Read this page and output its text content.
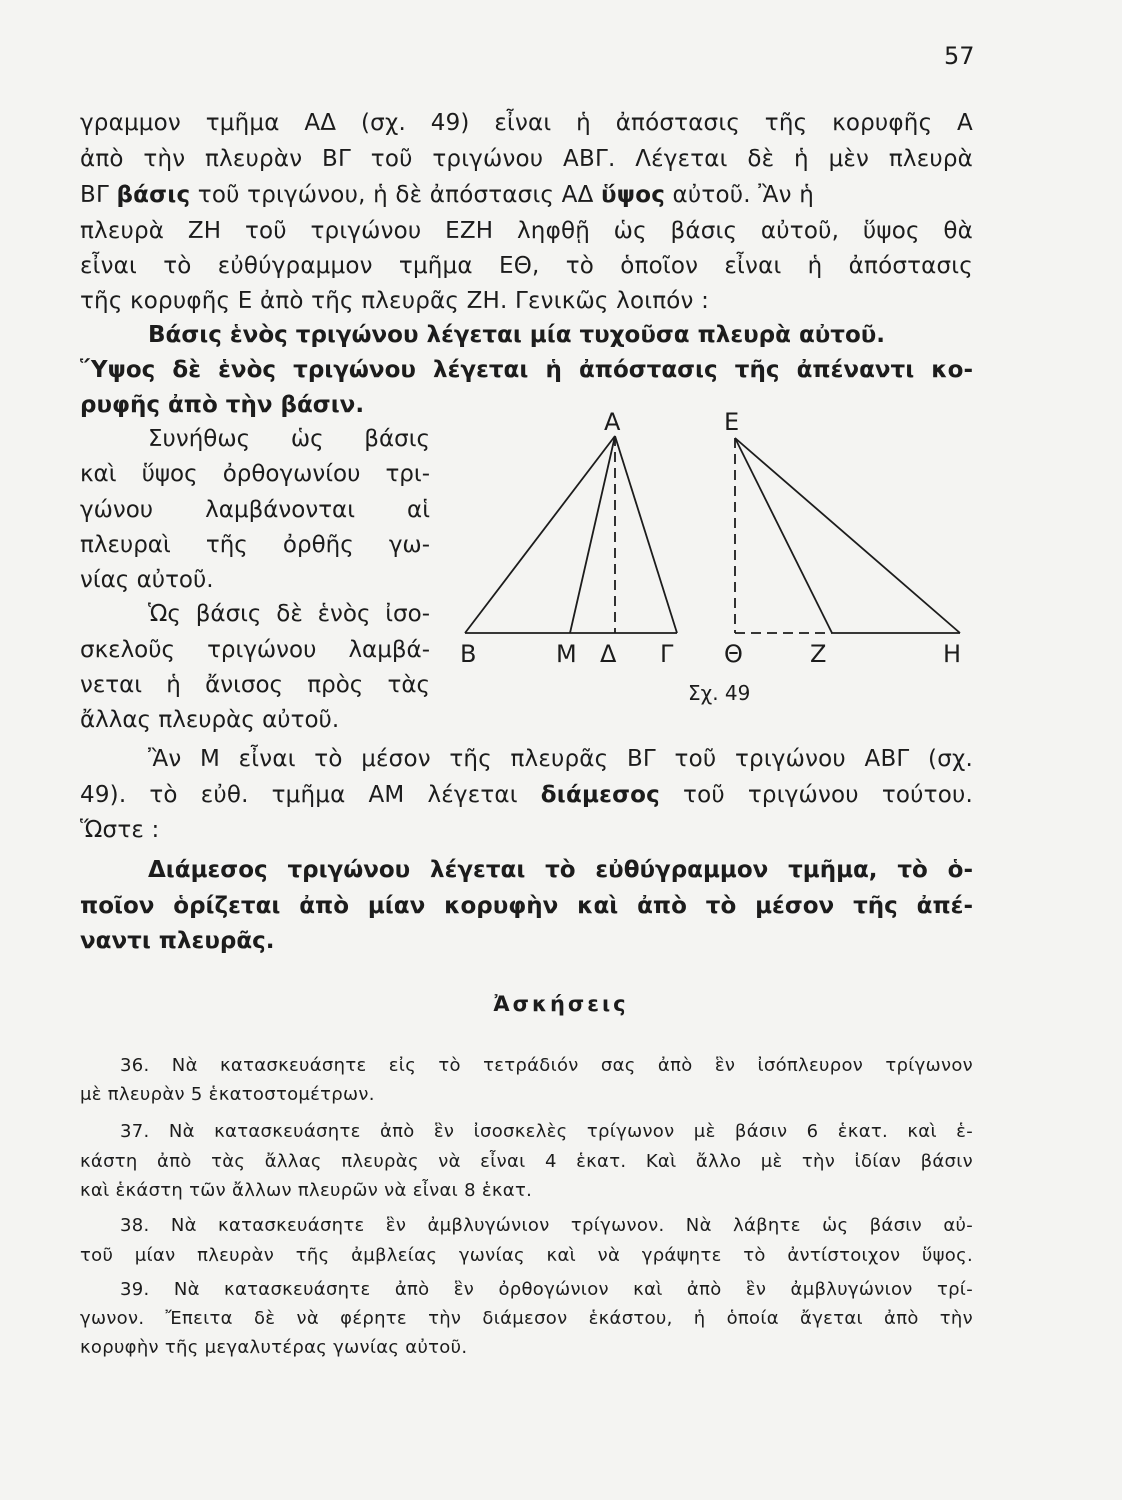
57
γραμμον τμῆμα ΑΔ (σχ. 49) εἶναι ἡ ἀπόστασις τῆς κορυφῆς Α
ἀπὸ τὴν πλευρὰν ΒΓ τοῦ τριγώνου ΑΒΓ. Λέγεται δὲ ἡ μὲν πλευρὰ
ΒΓ βάσις τοῦ τριγώνου, ἡ δὲ ἀπόστασις ΑΔ ὕψος αὐτοῦ. Ἂν ἡ
πλευρὰ ΖΗ τοῦ τριγώνου ΕΖΗ ληφθῇ ὡς βάσις αὐτοῦ, ὕψος θὰ
εἶναι τὸ εὐθύγραμμον τμῆμα ΕΘ, τὸ ὁποῖον εἶναι ἡ ἀπόστασις
τῆς κορυφῆς Ε ἀπὸ τῆς πλευρᾶς ΖΗ. Γενικῶς λοιπόν :
Βάσις ἑνὸς τριγώνου λέγεται μία τυχοῦσα πλευρὰ αὐτοῦ.
Ὕψος δὲ ἑνὸς τριγώνου λέγεται ἡ ἀπόστασις τῆς ἀπέναντι κο-
ρυφῆς ἀπὸ τὴν βάσιν.
Συνήθως ὡς βάσις
καὶ ὕψος ὀρθογωνίου τρι-
γώνου λαμβάνονται αἱ
πλευραὶ τῆς ὀρθῆς γω-
νίας αὐτοῦ.
Ὡς βάσις δὲ ἑνὸς ἰσο-
σκελοῦς τριγώνου λαμβά-
νεται ἡ ἄνισος πρὸς τὰς
ἄλλας πλευρὰς αὐτοῦ.
Α	Ε
Β	Μ Δ Γ Θ	Ζ	Η
Σχ. 49
Ἂν Μ εἶναι τὸ μέσον τῆς πλευρᾶς ΒΓ τοῦ τριγώνου ΑΒΓ (σχ.
49). τὸ εὐθ. τμῆμα ΑΜ λέγεται διάμεσος τοῦ τριγώνου τούτου.
Ὥστε :
Διάμεσος τριγώνου λέγεται τὸ εὐθύγραμμον τμῆμα, τὸ ὁ-
ποῖον ὁρίζεται ἀπὸ μίαν κορυφὴν καὶ ἀπὸ τὸ μέσον τῆς ἀπέ-
ναντι πλευρᾶς.
Ἀσκήσεις
36. Νὰ κατασκευάσητε εἰς τὸ τετράδιόν σας ἀπὸ ἓν ἰσόπλευρον τρίγωνον
μὲ πλευρὰν 5 ἑκατοστομέτρων.
37. Νὰ κατασκευάσητε ἀπὸ ἓν ἰσοσκελὲς τρίγωνον μὲ βάσιν 6 ἑκατ. καὶ ἑ-
κάστη ἀπὸ τὰς ἄλλας πλευρὰς νὰ εἶναι 4 ἑκατ. Καὶ ἄλλο μὲ τὴν ἰδίαν βάσιν
καὶ ἑκάστη τῶν ἄλλων πλευρῶν νὰ εἶναι 8 ἑκατ.
38. Νὰ κατασκευάσητε ἓν ἀμβλυγώνιον τρίγωνον. Νὰ λάβητε ὡς βάσιν αὐ-
τοῦ μίαν πλευρὰν τῆς ἀμβλείας γωνίας καὶ νὰ γράψητε τὸ ἀντίστοιχον ὕψος.
39. Νὰ κατασκευάσητε ἀπὸ ἓν ὀρθογώνιον καὶ ἀπὸ ἓν ἀμβλυγώνιον τρί-
γωνον. Ἔπειτα δὲ νὰ φέρητε τὴν διάμεσον ἑκάστου, ἡ ὁποία ἄγεται ἀπὸ τὴν
κορυφὴν τῆς μεγαλυτέρας γωνίας αὐτοῦ.
